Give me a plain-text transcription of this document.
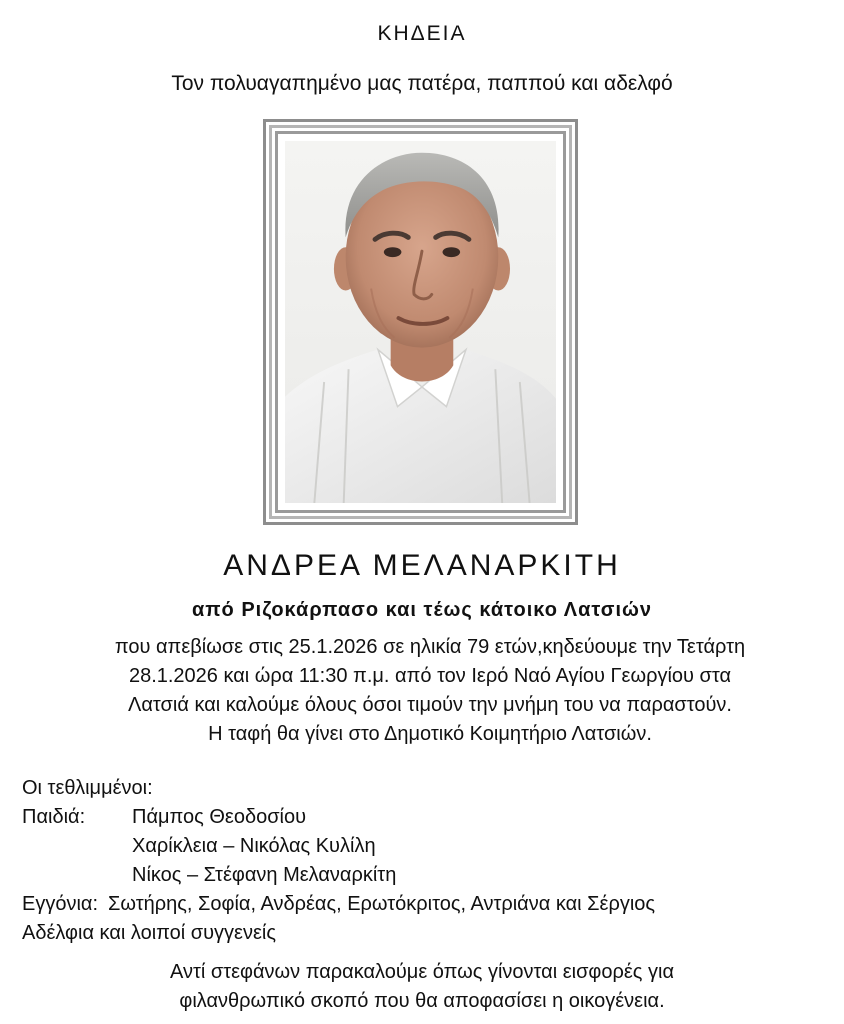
ΚΗΔΕΙΑ
Τον πολυαγαπημένο μας πατέρα, παππού και αδελφό
ΑΝΔΡΕΑ ΜΕΛΑΝΑΡΚΙΤΗ
από Ριζοκάρπασο και τέως κάτοικο Λατσιών
που απεβίωσε στις 25.1.2026 σε ηλικία 79 ετών,κηδεύουμε την Τετάρτη
28.1.2026 και ώρα 11:30 π.μ. από τον Ιερό Ναό Αγίου Γεωργίου στα
Λατσιά και καλούμε όλους όσοι τιμούν την μνήμη του να παραστούν.
Η ταφή θα γίνει στο Δημοτικό Κοιμητήριο Λατσιών.
Οι τεθλιμμένοι:
Παιδιά:	Πάμπος Θεοδοσίου
Χαρίκλεια – Νικόλας Κυλίλη
Νίκος – Στέφανη Μελαναρκίτη
Εγγόνια: Σωτήρης, Σοφία, Ανδρέας, Ερωτόκριτος, Αντριάνα και Σέργιος
Αδέλφια και λοιποί συγγενείς
Αντί στεφάνων παρακαλούμε όπως γίνονται εισφορές για
φιλανθρωπικό σκοπό που θα αποφασίσει η οικογένεια.
